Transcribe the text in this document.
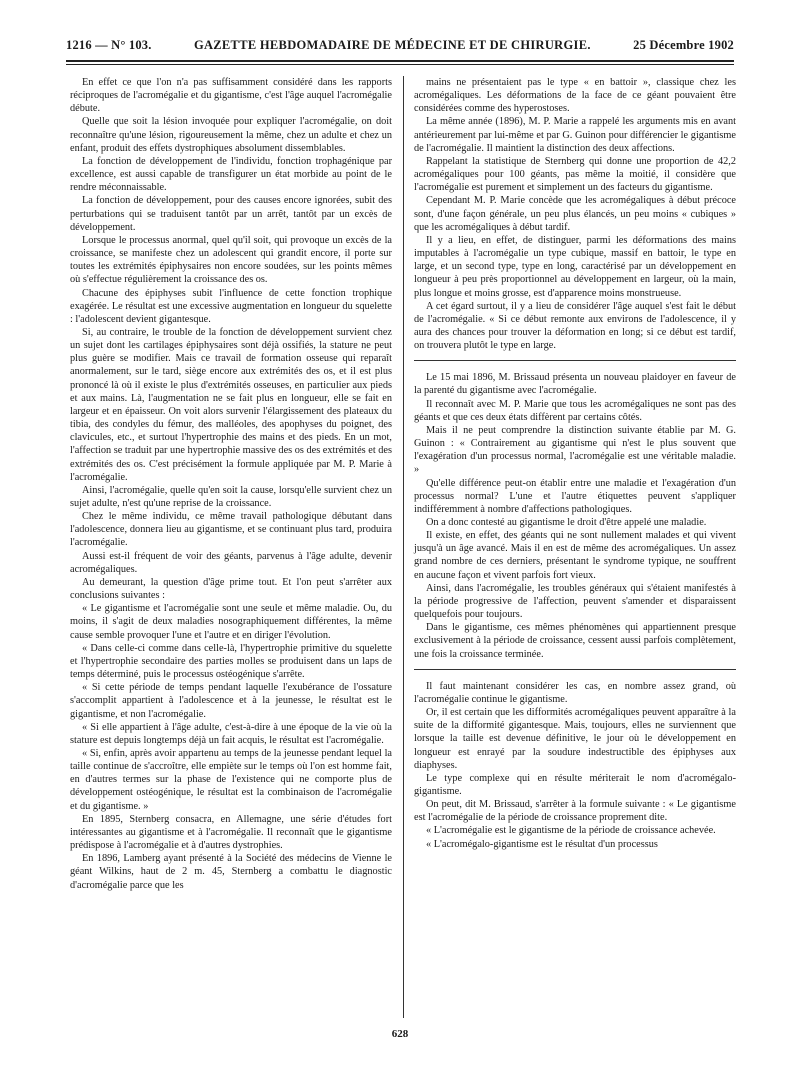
1216 — N° 103.	GAZETTE HEBDOMADAIRE DE MÉDECINE ET DE CHIRURGIE.	25 Décembre 1902

En effet ce que l'on n'a pas suffisamment considéré dans les rapports réciproques de l'acromégalie et du gigantisme, c'est l'âge auquel l'acromégalie débute.

Quelle que soit la lésion invoquée pour expliquer l'acromégalie, on doit reconnaître qu'une lésion, rigoureusement la même, chez un adulte et chez un enfant, produit des effets dystrophiques absolument dissemblables.

La fonction de développement de l'individu, fonction trophagénique par excellence, est aussi capable de transfigurer un état morbide au point de le rendre méconnaissable.

La fonction de développement, pour des causes encore ignorées, subit des perturbations qui se traduisent tantôt par un arrêt, tantôt par un excès de développement.

Lorsque le processus anormal, quel qu'il soit, qui provoque un excès de la croissance, se manifeste chez un adolescent qui grandit encore, il porte sur toutes les extrémités épiphysaires non encore soudées, sur les points mêmes où s'effectue régulièrement la croissance des os.

Chacune des épiphyses subit l'influence de cette fonction trophique exagérée. Le résultat est une excessive augmentation en longueur du squelette : l'adolescent devient gigantesque.

Si, au contraire, le trouble de la fonction de développement survient chez un sujet dont les cartilages épiphysaires sont déjà ossifiés, la stature ne peut plus guère se modifier. Mais ce travail de formation osseuse qui reparaît anormalement, sur le tard, siège encore aux extrémités des os, et il est plus prononcé là où il existe le plus d'extrémités osseuses, en particulier aux pieds et aux mains. Là, l'augmentation ne se fait plus en longueur, elle se fait en largeur et en épaisseur. On voit alors survenir l'élargissement des plateaux du tibia, des condyles du fémur, des malléoles, des apophyses du poignet, des clavicules, etc., et surtout l'hypertrophie des mains et des pieds. En un mot, l'affection se traduit par une hypertrophie massive des os des extrémités et des extrémités des os. C'est précisément la formule appliquée par M. P. Marie à l'acromégalie.

Ainsi, l'acromégalie, quelle qu'en soit la cause, lorsqu'elle survient chez un sujet adulte, n'est qu'une reprise de la croissance.

Chez le même individu, ce même travail pathologique débutant dans l'adolescence, donnera lieu au gigantisme, et se continuant plus tard, produira l'acromégalie.

Aussi est-il fréquent de voir des géants, parvenus à l'âge adulte, devenir acromégaliques.

Au demeurant, la question d'âge prime tout. Et l'on peut s'arrêter aux conclusions suivantes :

« Le gigantisme et l'acromégalie sont une seule et même maladie. Ou, du moins, il s'agit de deux maladies nosographiquement différentes, la même cause semble provoquer l'une et l'autre et en diriger l'évolution.

« Dans celle-ci comme dans celle-là, l'hypertrophie primitive du squelette et l'hypertrophie secondaire des parties molles se produisent dans un laps de temps déterminé, puis le processus ostéogénique s'arrête.

« Si cette période de temps pendant laquelle l'exubérance de l'ossature s'accomplit appartient à l'adolescence et à la jeunesse, le résultat est le gigantisme, et non l'acromégalie.

« Si elle appartient à l'âge adulte, c'est-à-dire à une époque de la vie où la stature est depuis longtemps déjà un fait acquis, le résultat est l'acromégalie.

« Si, enfin, après avoir appartenu au temps de la jeunesse pendant lequel la taille continue de s'accroître, elle empiète sur le temps où l'on est homme fait, en d'autres termes sur la phase de l'existence qui ne comporte plus de développement ostéogénique, le résultat est la combinaison de l'acromégalie et du gigantisme. »

En 1895, Sternberg consacra, en Allemagne, une série d'études fort intéressantes au gigantisme et à l'acromégalie. Il reconnaît que le gigantisme prédispose à l'acromégalie et à d'autres dystrophies.

En 1896, Lamberg ayant présenté à la Société des médecins de Vienne le géant Wilkins, haut de 2 m. 45, Sternberg a combattu le diagnostic d'acromégalie parce que les

mains ne présentaient pas le type « en battoir », classique chez les acromégaliques. Les déformations de la face de ce géant pouvaient être considérées comme des hyperostoses.

La même année (1896), M. P. Marie a rappelé les arguments mis en avant antérieurement par lui-même et par G. Guinon pour différencier le gigantisme de l'acromégalie. Il maintient la distinction des deux affections.

Rappelant la statistique de Sternberg qui donne une proportion de 42,2 acromégaliques pour 100 géants, pas même la moitié, il considère que l'acromégalie est purement et simplement un des facteurs du gigantisme.

Cependant M. P. Marie concède que les acromégaliques à début précoce sont, d'une façon générale, un peu plus élancés, un peu moins « cubiques » que les acromégaliques à début tardif.

Il y a lieu, en effet, de distinguer, parmi les déformations des mains imputables à l'acromégalie un type cubique, massif en battoir, le type en large, et un second type, type en long, caractérisé par un développement en longueur à peu près proportionnel au développement en largeur, où la main, plus longue et moins grosse, est d'apparence moins monstrueuse.

A cet égard surtout, il y a lieu de considérer l'âge auquel s'est fait le début de l'acromégalie. « Si ce début remonte aux environs de l'adolescence, il y aura des chances pour trouver la déformation en long; si ce début est tardif, on trouvera plutôt le type en large.

Le 15 mai 1896, M. Brissaud présenta un nouveau plaidoyer en faveur de la parenté du gigantisme avec l'acromégalie.

Il reconnaît avec M. P. Marie que tous les acromégaliques ne sont pas des géants et que ces deux états diffèrent par certains côtés.

Mais il ne peut comprendre la distinction suivante établie par M. G. Guinon : « Contrairement au gigantisme qui n'est le plus souvent que l'exagération d'un processus normal, l'acromégalie est une véritable maladie. »

Qu'elle différence peut-on établir entre une maladie et l'exagération d'un processus normal? L'une et l'autre étiquettes peuvent s'appliquer indifféremment à nombre d'affections pathologiques.

On a donc contesté au gigantisme le droit d'être appelé une maladie.

Il existe, en effet, des géants qui ne sont nullement malades et qui vivent jusqu'à un âge avancé. Mais il en est de même des acromégaliques. Un assez grand nombre de ces derniers, présentant le syndrome typique, ne souffrent en aucune façon et vivent parfois fort vieux.

Ainsi, dans l'acromégalie, les troubles généraux qui s'étaient manifestés à la période progressive de l'affection, peuvent s'amender et disparaissent quelquefois pour toujours.

Dans le gigantisme, ces mêmes phénomènes qui appartiennent presque exclusivement à la période de croissance, cessent aussi parfois complètement, une fois la croissance terminée.

Il faut maintenant considérer les cas, en nombre assez grand, où l'acromégalie continue le gigantisme.

Or, il est certain que les difformités acromégaliques peuvent apparaître à la suite de la difformité gigantesque. Mais, toujours, elles ne surviennent que lorsque la taille est devenue définitive, le jour où le développement en longueur est enrayé par la soudure indestructible des épiphyses aux diaphyses.

Le type complexe qui en résulte mériterait le nom d'acromégalo-gigantisme.

On peut, dit M. Brissaud, s'arrêter à la formule suivante : « Le gigantisme est l'acromégalie de la période de croissance proprement dite.

« L'acromégalie est le gigantisme de la période de croissance achevée.

« L'acromégalo-gigantisme est le résultat d'un processus

628
